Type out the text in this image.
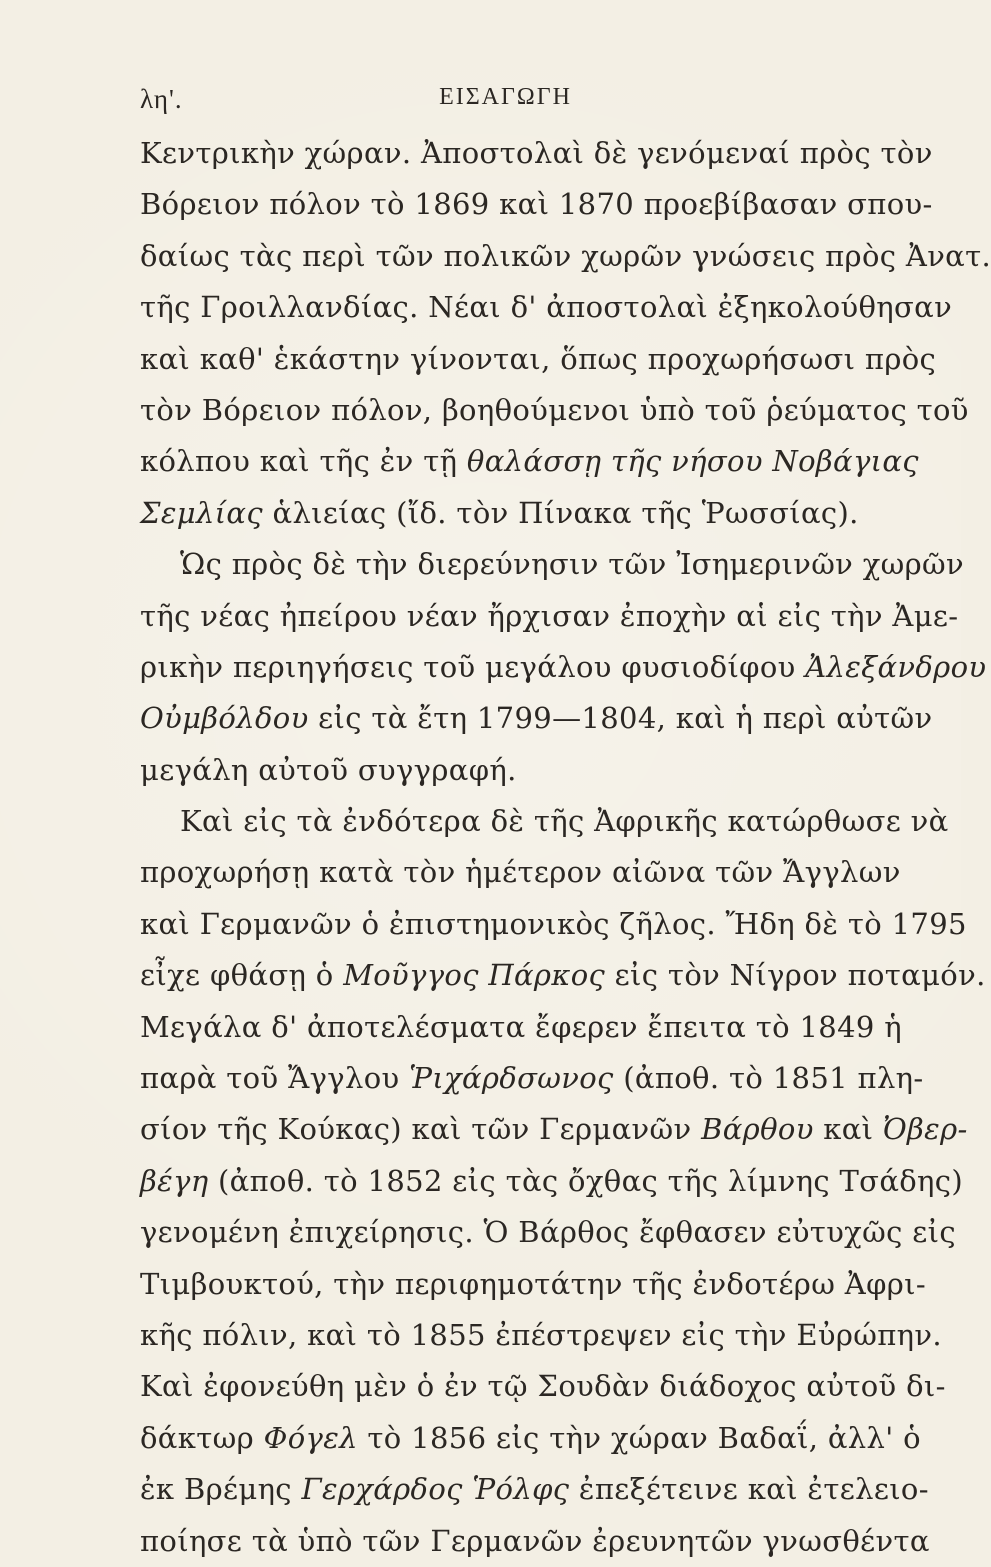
λη'.	ΕΙΣΑΓΩΓΗ
Κεντρικὴν χώραν. Ἀποστολαὶ δὲ γενόμεναί πρὸς τὸν
Βόρειον πόλον τὸ 1869 καὶ 1870 προεβίβασαν σπου-
δαίως τὰς περὶ τῶν πολικῶν χωρῶν γνώσεις πρὸς Ἀνατ.
τῆς Γροιλλανδίας. Νέαι δ' ἀποστολαὶ ἐξηκολούθησαν
καὶ καθ' ἑκάστην γίνονται, ὅπως προχωρήσωσι πρὸς
τὸν Βόρειον πόλον, βοηθούμενοι ὑπὸ τοῦ ῥεύματος τοῦ
κόλπου καὶ τῆς ἐν τῇ θαλάσσῃ τῆς νήσου Νοβάγιας
Σεμλίας ἁλιείας (ἴδ. τὸν Πίνακα τῆς Ῥωσσίας).
Ὡς πρὸς δὲ τὴν διερεύνησιν τῶν Ἰσημερινῶν χωρῶν
τῆς νέας ἠπείρου νέαν ἤρχισαν ἐποχὴν αἱ εἰς τὴν Ἀμε-
ρικὴν περιηγήσεις τοῦ μεγάλου φυσιοδίφου Ἀλεξάνδρου
Οὐμβόλδου εἰς τὰ ἔτη 1799—1804, καὶ ἡ περὶ αὐτῶν
μεγάλη αὐτοῦ συγγραφή.
Καὶ εἰς τὰ ἐνδότερα δὲ τῆς Ἀφρικῆς κατώρθωσε νὰ
προχωρήσῃ κατὰ τὸν ἡμέτερον αἰῶνα τῶν Ἄγγλων
καὶ Γερμανῶν ὁ ἐπιστημονικὸς ζῆλος. Ἤδη δὲ τὸ 1795
εἶχε φθάσῃ ὁ Μοῦγγος Πάρκος εἰς τὸν Νίγρον ποταμόν.
Μεγάλα δ' ἀποτελέσματα ἔφερεν ἔπειτα τὸ 1849 ἡ
παρὰ τοῦ Ἄγγλου Ῥιχάρδσωνος (ἀποθ. τὸ 1851 πλη-
σίον τῆς Κούκας) καὶ τῶν Γερμανῶν Βάρθου καὶ Ὀβερ-
βέγη (ἀποθ. τὸ 1852 εἰς τὰς ὄχθας τῆς λίμνης Τσάδης)
γενομένη ἐπιχείρησις. Ὁ Βάρθος ἔφθασεν εὐτυχῶς εἰς
Τιμβουκτού, τὴν περιφημοτάτην τῆς ἐνδοτέρω Ἀφρι-
κῆς πόλιν, καὶ τὸ 1855 ἐπέστρεψεν εἰς τὴν Εὐρώπην.
Καὶ ἐφονεύθη μὲν ὁ ἐν τῷ Σουδὰν διάδοχος αὐτοῦ δι-
δάκτωρ Φόγελ τὸ 1856 εἰς τὴν χώραν Βαδαΐ, ἀλλ' ὁ
ἐκ Βρέμης Γερχάρδος Ῥόλφς ἐπεξέτεινε καὶ ἐτελειο-
ποίησε τὰ ὑπὸ τῶν Γερμανῶν ἐρευνητῶν γνωσθέντα
